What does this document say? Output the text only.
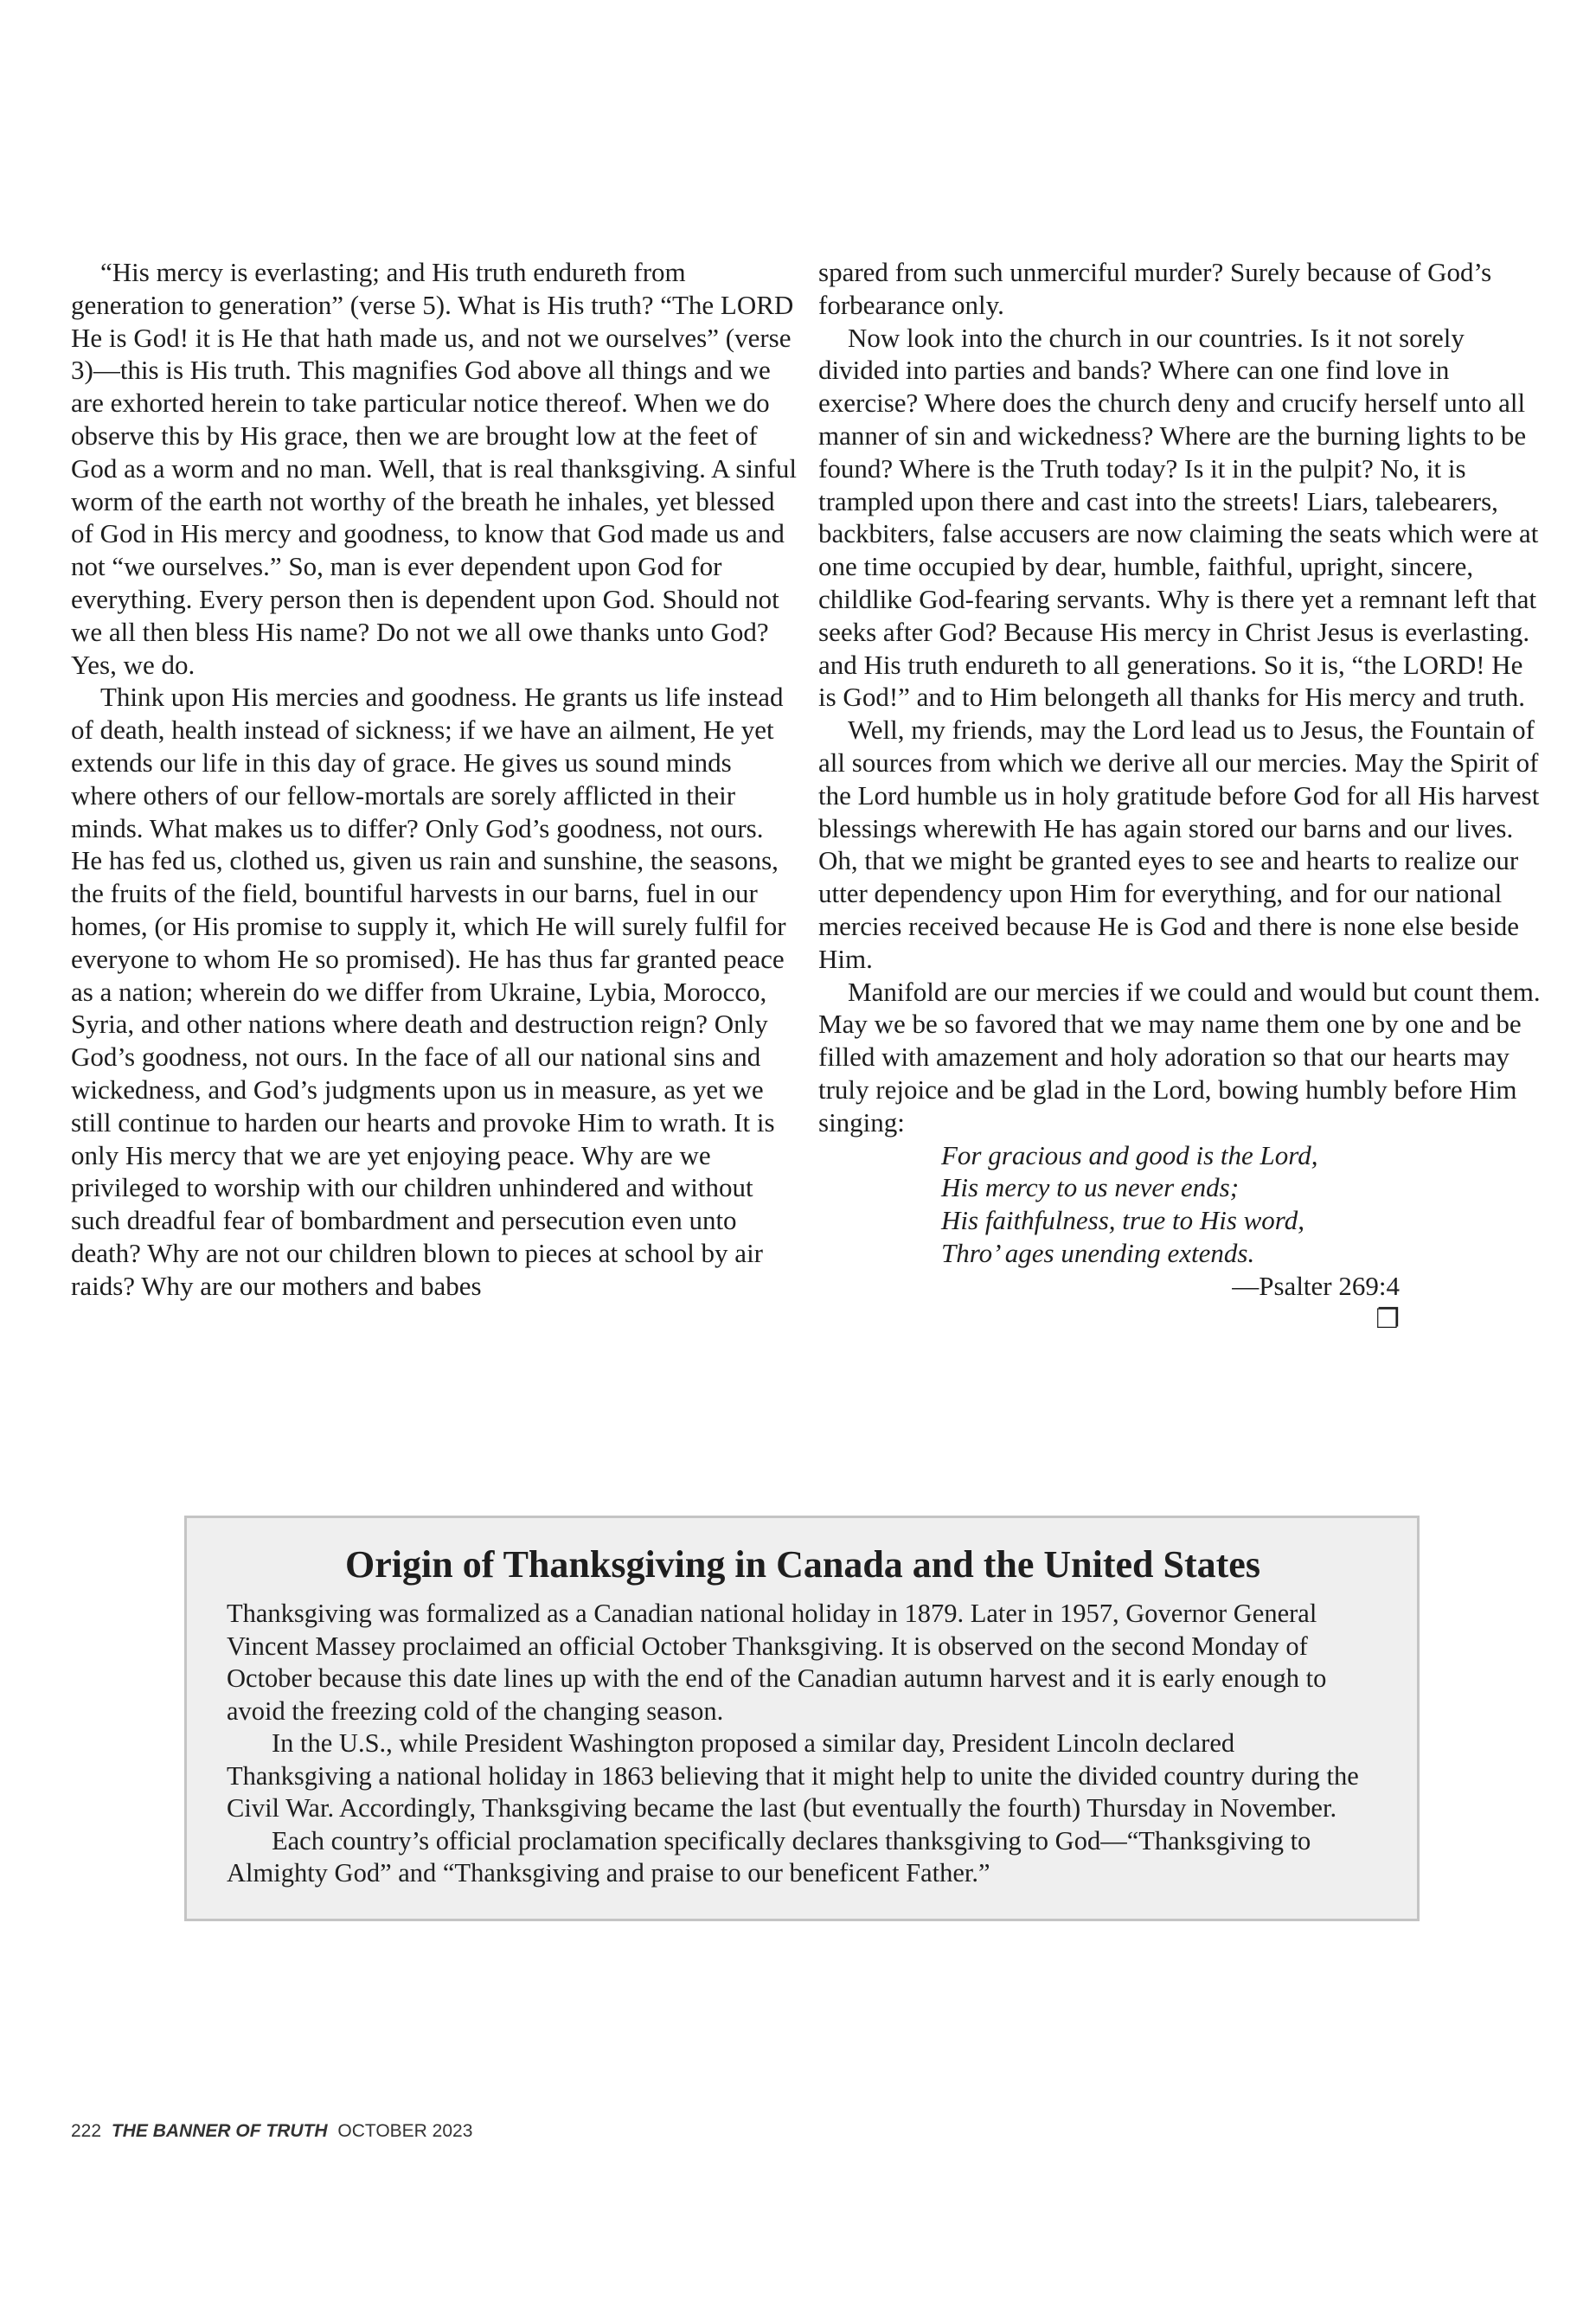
“His mercy is everlasting; and His truth endureth from generation to generation” (verse 5). What is His truth? “The LORD He is God! it is He that hath made us, and not we ourselves” (verse 3)—this is His truth. This magnifies God above all things and we are exhorted herein to take particular notice thereof. When we do observe this by His grace, then we are brought low at the feet of God as a worm and no man. Well, that is real thanksgiving. A sinful worm of the earth not worthy of the breath he inhales, yet blessed of God in His mercy and goodness, to know that God made us and not “we ourselves.” So, man is ever dependent upon God for everything. Every person then is dependent upon God. Should not we all then bless His name? Do not we all owe thanks unto God? Yes, we do.

Think upon His mercies and goodness. He grants us life instead of death, health instead of sickness; if we have an ailment, He yet extends our life in this day of grace. He gives us sound minds where others of our fellow-mortals are sorely afflicted in their minds. What makes us to differ? Only God’s goodness, not ours. He has fed us, clothed us, given us rain and sunshine, the seasons, the fruits of the field, bountiful harvests in our barns, fuel in our homes, (or His promise to supply it, which He will surely fulfil for everyone to whom He so promised). He has thus far granted peace as a nation; wherein do we differ from Ukraine, Lybia, Morocco, Syria, and other nations where death and destruction reign? Only God’s goodness, not ours. In the face of all our national sins and wickedness, and God’s judgments upon us in measure, as yet we still continue to harden our hearts and provoke Him to wrath. It is only His mercy that we are yet enjoying peace. Why are we privileged to worship with our children unhindered and without such dreadful fear of bombardment and persecution even unto death? Why are not our children blown to pieces at school by air raids? Why are our mothers and babes

spared from such unmerciful murder? Surely because of God’s forbearance only.

Now look into the church in our countries. Is it not sorely divided into parties and bands? Where can one find love in exercise? Where does the church deny and crucify herself unto all manner of sin and wickedness? Where are the burning lights to be found? Where is the Truth today? Is it in the pulpit? No, it is trampled upon there and cast into the streets! Liars, talebearers, backbiters, false accusers are now claiming the seats which were at one time occupied by dear, humble, faithful, upright, sincere, childlike God-fearing servants. Why is there yet a remnant left that seeks after God? Because His mercy in Christ Jesus is everlasting. and His truth endureth to all generations. So it is, “the LORD! He is God!” and to Him belongeth all thanks for His mercy and truth.

Well, my friends, may the Lord lead us to Jesus, the Fountain of all sources from which we derive all our mercies. May the Spirit of the Lord humble us in holy gratitude before God for all His harvest blessings wherewith He has again stored our barns and our lives. Oh, that we might be granted eyes to see and hearts to realize our utter dependency upon Him for everything, and for our national mercies received because He is God and there is none else beside Him.

Manifold are our mercies if we could and would but count them. May we be so favored that we may name them one by one and be filled with amazement and holy adoration so that our hearts may truly rejoice and be glad in the Lord, bowing humbly before Him singing:

For gracious and good is the Lord,
His mercy to us never ends;
His faithfulness, true to His word,
Thro’ ages unending extends.
—Psalter 269:4
❐
Origin of Thanksgiving in Canada and the United States

Thanksgiving was formalized as a Canadian national holiday in 1879. Later in 1957, Governor General Vincent Massey proclaimed an official October Thanksgiving. It is observed on the second Monday of October because this date lines up with the end of the Canadian autumn harvest and it is early enough to avoid the freezing cold of the changing season.

In the U.S., while President Washington proposed a similar day, President Lincoln declared Thanksgiving a national holiday in 1863 believing that it might help to unite the divided country during the Civil War. Accordingly, Thanksgiving became the last (but eventually the fourth) Thursday in November.

Each country’s official proclamation specifically declares thanksgiving to God—“Thanksgiving to Almighty God” and “Thanksgiving and praise to our beneficent Father.”

222 THE BANNER OF TRUTH OCTOBER 2023
